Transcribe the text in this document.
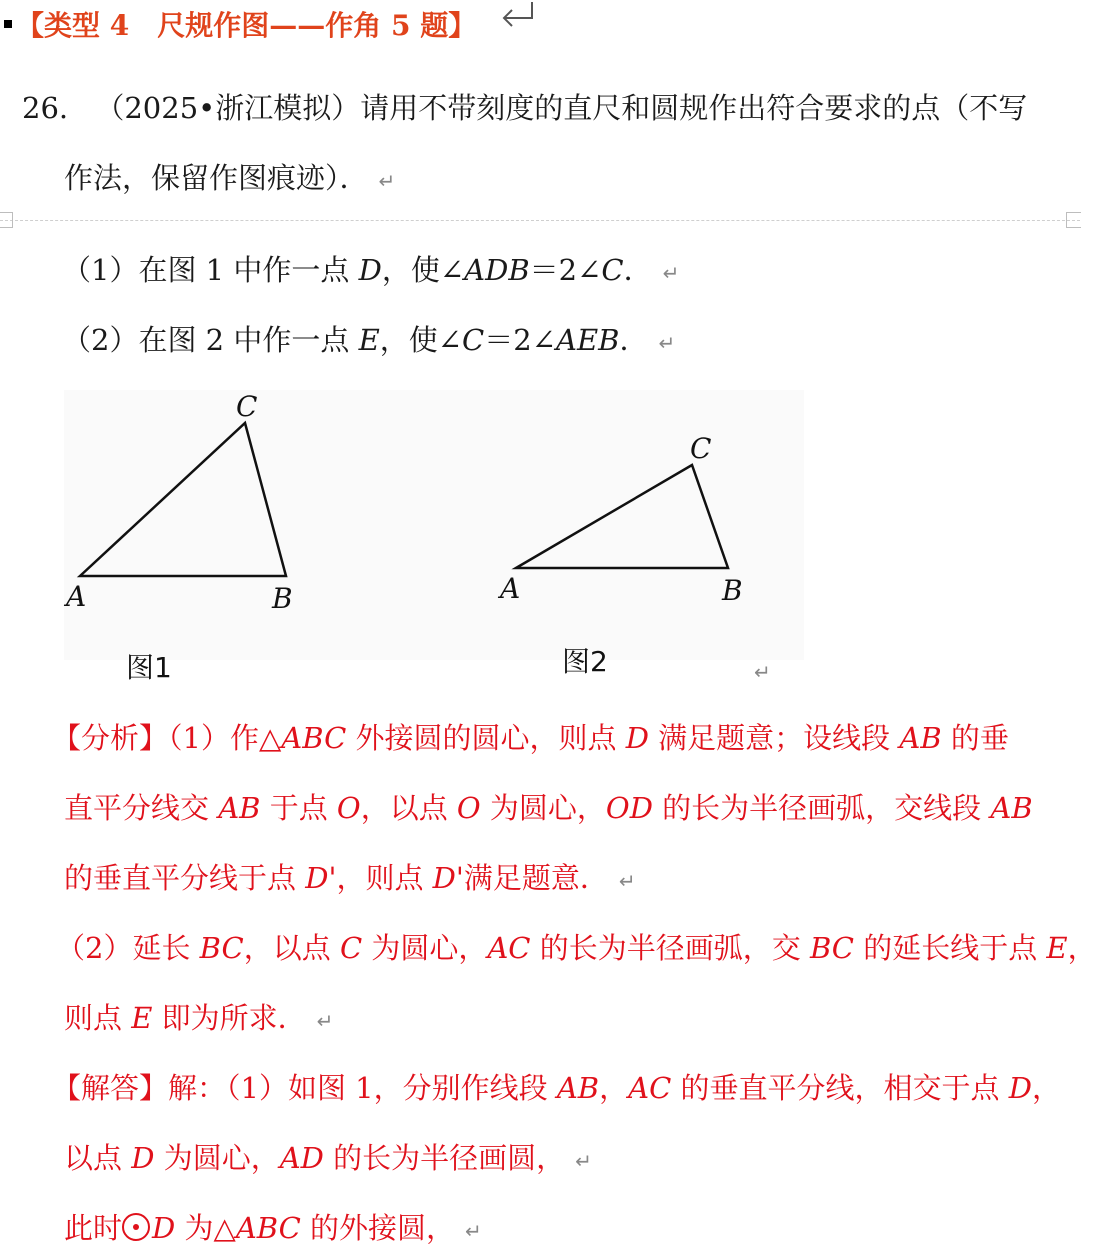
【类型 4　尺规作图——作角 5 题】
26. （2025•浙江模拟）请用不带刻度的直尺和圆规作出符合要求的点（不写
作法，保留作图痕迹）． ↵
（1）在图 1 中作一点 D，使∠ADB＝2∠C． ↵
（2）在图 2 中作一点 E，使∠C＝2∠AEB． ↵
C
A	B
C
A	B
图1	图2	↵
【分析】（1）作△ABC 外接圆的圆心，则点 D 满足题意；设线段 AB 的垂
直平分线交 AB 于点 O，以点 O 为圆心，OD 的长为半径画弧，交线段 AB
的垂直平分线于点 D'，则点 D'满足题意． ↵
（2）延长 BC，以点 C 为圆心，AC 的长为半径画弧，交 BC 的延长线于点 E，
则点 E 即为所求． ↵
【解答】解：（1）如图 1，分别作线段 AB，AC 的垂直平分线，相交于点 D，
以点 D 为圆心，AD 的长为半径画圆， ↵
此时 D 为△ABC 的外接圆， ↵
